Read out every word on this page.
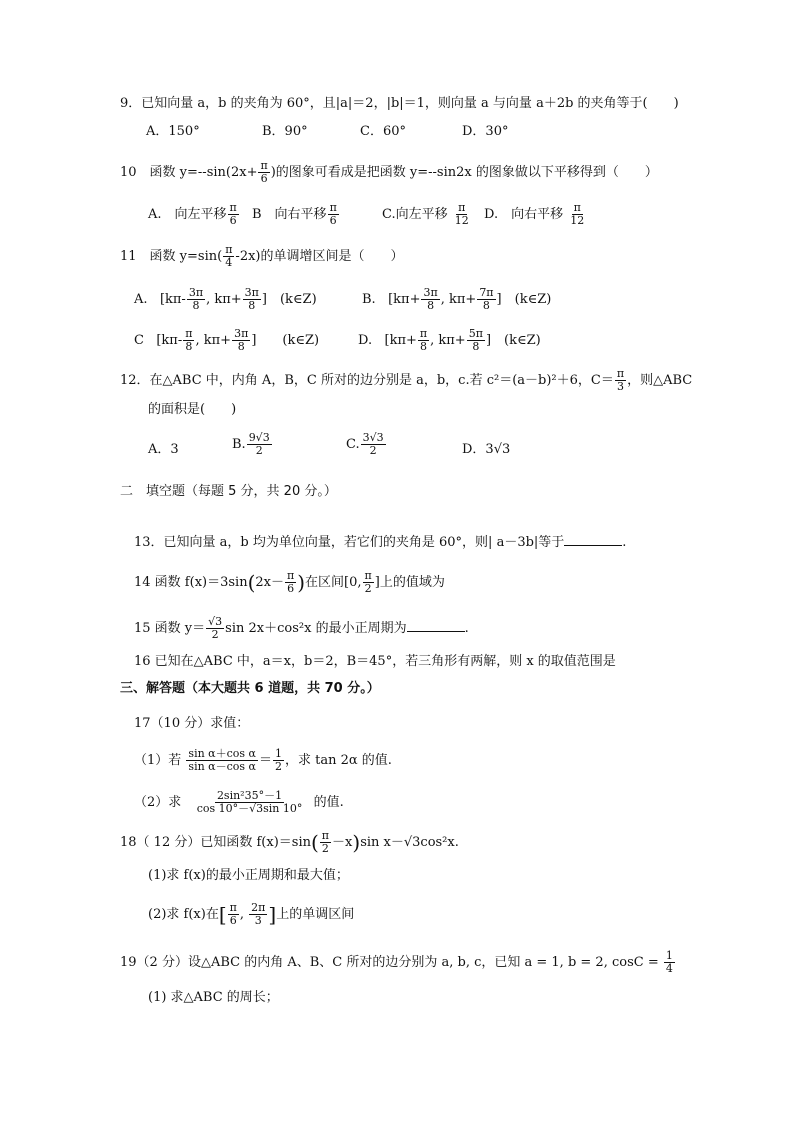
9．已知向量 a，b 的夹角为 60°，且|a|＝2，|b|＝1，则向量 a 与向量 a＋2b 的夹角等于(　　)
A．150°	B．90°	C．60°	D．30°
10　函数 $y=--\sin(2x+ \frac{\pi}{6}$ )的图象可看成是把函数 y=--sin2x 的图象做以下平移得到（　　）
A.　向左平移 $\frac{\pi}{6}$ B　向右平移 $\frac{\pi}{6}$	C.向左平移 $\frac{\pi}{12} D$.　向右平移 $\frac{\pi}{12}$
11　函数 $y=\sin( \frac{\pi}{4} -2x)$的单调增区间是（　　）
A. [$k\pi- \frac{3\pi}{8}$ , $k\pi+ \frac{3\pi}{8}$ ]　(k∈Z)	B. [$k\pi+ \frac{3\pi}{8}$ , $k\pi+ \frac{7\pi}{8}$ ]　(k∈Z)
C [$k\pi- \frac{\pi}{8}$ , $k\pi+ \frac{3\pi}{8}$ ]　　(k∈Z)	D. [$k\pi+ \frac{\pi}{8}$ , $k\pi+ \frac{5\pi}{8}$ ]　(k∈Z)
12．在△ABC 中，内角 A，B，C 所对的边分别是 a，b，c.若 c²＝(a－b)²＋6，$C= \frac{\pi}{3}$ ，则△ABC
的面积是(　　)
A．3	B. $\frac{9√3}{2}$	C. $\frac{3√3}{2}$	D．3√3
二　填空题（每题 5 分，共 20 分。）
13．已知向量 a，b 均为单位向量，若它们的夹角是 60°，则| a－3b|等于	.
14 函数 $f(x)=3\sin(2x- \frac{\pi}{6}$ )在区间[0, $\frac{\pi}{2}$ ]上的值域为
15 函数 $y= \frac{√3}{2}$ sin 2x＋cos²x 的最小正周期为	.
16 已知在△ABC 中，a＝x，b＝2，B＝45°，若三角形有两解，则 x 的取值范围是
三、解答题（本大题共 6 道题，共 70 分。）
17（10 分）求值：
（1）若 $\frac{\text{sin α＋cos α}}{\text{sin α－cos α}} = \frac{1}{2}$ ，求 tan 2α 的值.
（2）求 $\frac{\text{2sin²35°－1}}{\cos 10^\circ-√3\sin 10^\circ}$ 的值.
18（ 12 分）已知函数 $f(x)=\sin( \frac{\pi}{2} -x)\sin$ x－√3cos²x.
(1)求 f(x)的最小正周期和最大值；
(2)求 f(x)在[ $\frac{\pi}{6}$ , $\frac{2\pi}{3}$ ]上的单调区间
19（2 分）设△ABC 的内角 A、B、C 所对的边分别为 a, b, c，已知 a = 1, b = 2, $\cos C = \frac{1}{4}$
(1) 求△ABC 的周长；
